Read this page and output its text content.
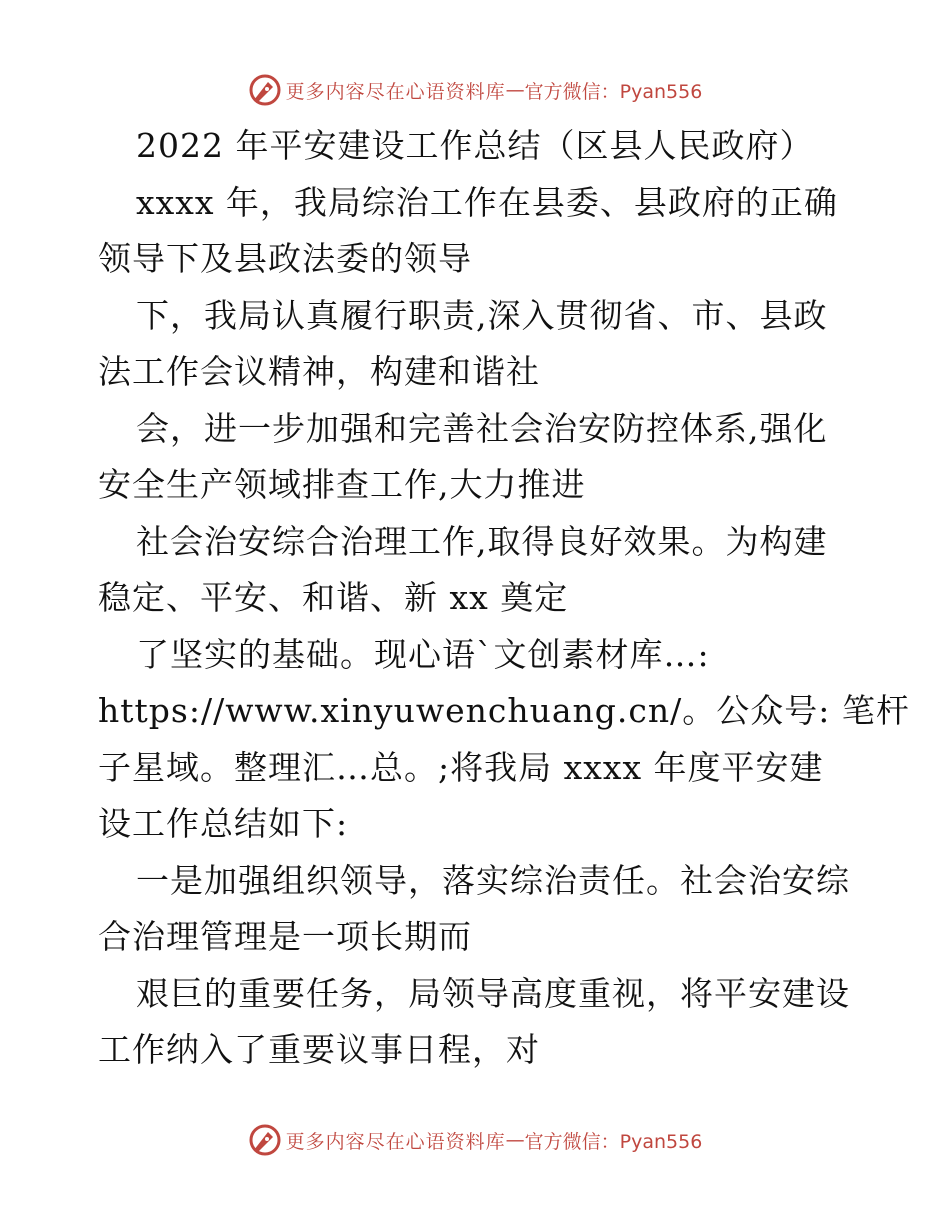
更多内容尽在心语资料库 — 官方微信：Pyan556
2022 年平安建设工作总结（区县人民政府）
xxxx 年，我局综治工作在县委、县政府的正确
领导下及县政法委的领导
下，我局认真履行职责,深入贯彻省、市、县政
法工作会议精神，构建和谐社
会，进一步加强和完善社会治安防控体系,强化
安全生产领域排查工作,大力推进
社会治安综合治理工作,取得良好效果。为构建
稳定、平安、和谐、新 xx 奠定
了坚实的基础。现心语`文创素材库…:
https://www.xinyuwenchuang.cn/。公众号: 笔杆
子星域。整理汇…总。;将我局 xxxx 年度平安建
设工作总结如下:
一是加强组织领导，落实综治责任。社会治安综
合治理管理是一项长期而
艰巨的重要任务，局领导高度重视，将平安建设
工作纳入了重要议事日程，对
更多内容尽在心语资料库 — 官方微信：Pyan556
